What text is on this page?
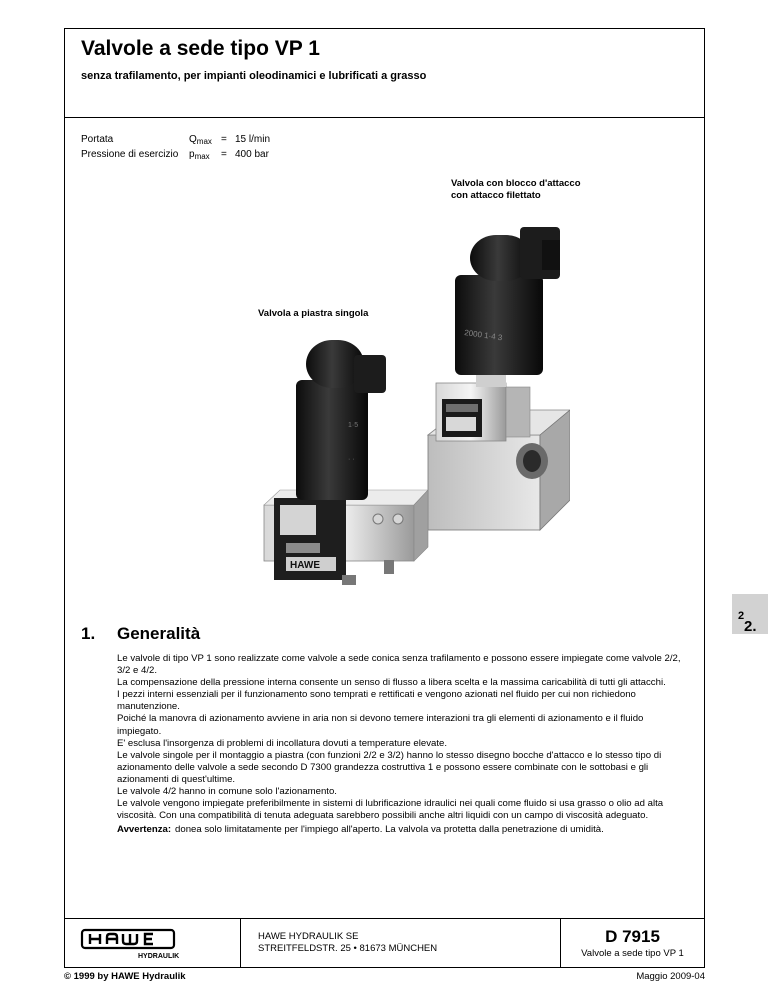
Valvole a sede tipo VP 1
senza trafilamento, per impianti oleodinamici e lubrificati a grasso
Portata	$Q_{max} = 15$ l/min
Pressione di esercizio	$p_{max}$	= 400 bar
Valvola con blocco d'attacco
con attacco filettato
Valvola a piastra singola
2000 1·4 3
HAWE
1·5
· ·
2.
2
1. Generalità

Le valvole di tipo VP 1 sono realizzate come valvole a sede conica senza trafilamento e possono essere impiegate come valvole 2/2, 3/2 e 4/2.

La compensazione della pressione interna consente un senso di flusso a libera scelta e la massima caricabilità di tutti gli attacchi.

I pezzi interni essenziali per il funzionamento sono temprati e rettificati e vengono azionati nel fluido per cui non richiedono manutenzione.

Poiché la manovra di azionamento avviene in aria non si devono temere interazioni tra gli elementi di azionamento e il fluido impiegato.

E' esclusa l'insorgenza di problemi di incollatura dovuti a temperature elevate.

Le valvole singole per il montaggio a piastra (con funzioni 2/2 e 3/2) hanno lo stesso disegno bocche d'attacco e lo stesso tipo di azionamento delle valvole a sede secondo D 7300 grandezza costruttiva 1 e possono essere combinate con le sottobasi e gli azionamenti di quest'ultime.

Le valvole 4/2 hanno in comune solo l'azionamento.

Le valvole vengono impiegate preferibilmente in sistemi di lubrificazione idraulici nei quali come fluido si usa grasso o olio ad alta viscosità. Con una compatibilità di tenuta adeguata sarebbero possibili anche altri liquidi con un campo di viscosità adeguato.

Avvertenza: donea solo limitatamente per l'impiego all'aperto. La valvola va protetta dalla penetrazione di umidità.
HYDRAULIK
HAWE HYDRAULIK SE
STREITFELDSTR. 25 • 81673 MÜNCHEN
D 7915
Valvole a sede tipo VP 1
© 1999 by HAWE Hydraulik	Maggio 2009-04
